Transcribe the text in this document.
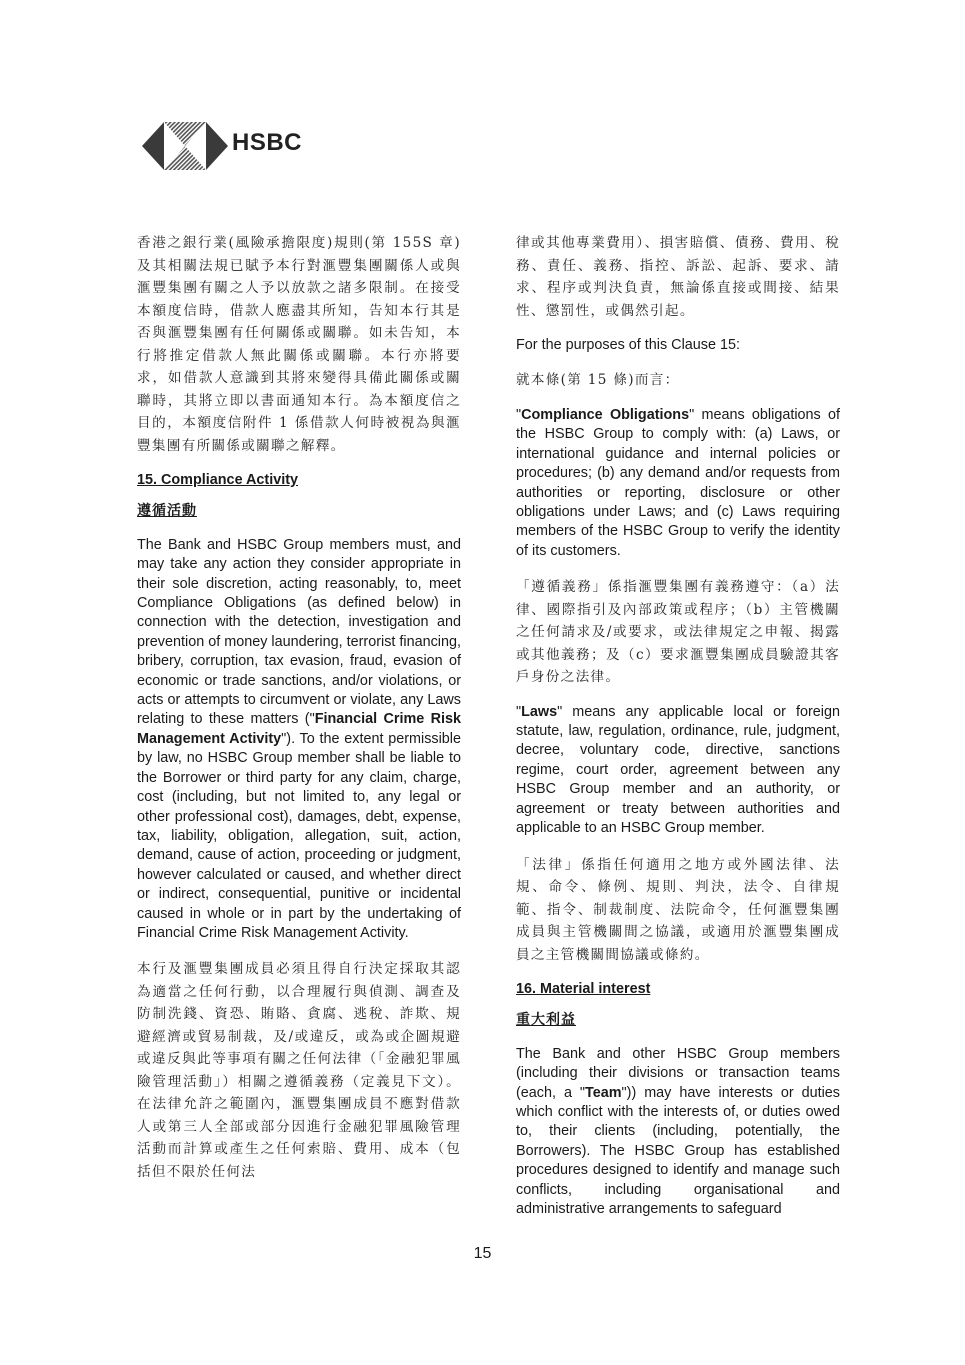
HSBC

香港之銀行業(風險承擔限度)規則(第 155S 章)及其相關法規已賦予本行對滙豐集團關係人或與滙豐集團有關之人予以放款之諸多限制。在接受本額度信時，借款人應盡其所知，告知本行其是否與滙豐集團有任何關係或關聯。如未告知，本行將推定借款人無此關係或關聯。本行亦將要求，如借款人意識到其將來變得具備此關係或關聯時，其將立即以書面通知本行。為本額度信之目的，本額度信附件 1 係借款人何時被視為與滙豐集團有所關係或關聯之解釋。

15. Compliance Activity

遵循活動

The Bank and HSBC Group members must, and may take any action they consider appropriate in their sole discretion, acting reasonably, to, meet Compliance Obligations (as defined below) in connection with the detection, investigation and prevention of money laundering, terrorist financing, bribery, corruption, tax evasion, fraud, evasion of economic or trade sanctions, and/or violations, or acts or attempts to circumvent or violate, any Laws relating to these matters ("Financial Crime Risk Management Activity"). To the extent permissible by law, no HSBC Group member shall be liable to the Borrower or third party for any claim, charge, cost (including, but not limited to, any legal or other professional cost), damages, debt, expense, tax, liability, obligation, allegation, suit, action, demand, cause of action, proceeding or judgment, however calculated or caused, and whether direct or indirect, consequential, punitive or incidental caused in whole or in part by the undertaking of Financial Crime Risk Management Activity.

本行及滙豐集團成員必須且得自行決定採取其認為適當之任何行動，以合理履行與偵測、調查及防制洗錢、資恐、賄賂、貪腐、逃稅、詐欺、規避經濟或貿易制裁，及/或違反，或為或企圖規避或違反與此等事項有關之任何法律（「金融犯罪風險管理活動」）相關之遵循義務（定義見下文）。在法律允許之範圍內，滙豐集團成員不應對借款人或第三人全部或部分因進行金融犯罪風險管理活動而計算或產生之任何索賠、費用、成本（包括但不限於任何法

律或其他專業費用）、損害賠償、債務、費用、稅務、責任、義務、指控、訴訟、起訴、要求、請求、程序或判決負責，無論係直接或間接、結果性、懲罰性，或偶然引起。

For the purposes of this Clause 15:

就本條(第 15 條)而言：

"Compliance Obligations" means obligations of the HSBC Group to comply with: (a) Laws, or international guidance and internal policies or procedures; (b) any demand and/or requests from authorities or reporting, disclosure or other obligations under Laws; and (c) Laws requiring members of the HSBC Group to verify the identity of its customers.

「遵循義務」係指滙豐集團有義務遵守：（a）法律、國際指引及內部政策或程序；（b）主管機關之任何請求及/或要求，或法律規定之申報、揭露或其他義務；及（c）要求滙豐集團成員驗證其客戶身份之法律。

"Laws" means any applicable local or foreign statute, law, regulation, ordinance, rule, judgment, decree, voluntary code, directive, sanctions regime, court order, agreement between any HSBC Group member and an authority, or agreement or treaty between authorities and applicable to an HSBC Group member.

「法律」係指任何適用之地方或外國法律、法規、命令、條例、規則、判決，法令、自律規範、指令、制裁制度、法院命令，任何滙豐集團成員與主管機關間之協議，或適用於滙豐集團成員之主管機關間協議或條約。

16. Material interest

重大利益

The Bank and other HSBC Group members (including their divisions or transaction teams (each, a "Team")) may have interests or duties which conflict with the interests of, or duties owed to, their clients (including, potentially, the Borrowers). The HSBC Group has established procedures designed to identify and manage such conflicts, including organisational and administrative arrangements to safeguard

15
